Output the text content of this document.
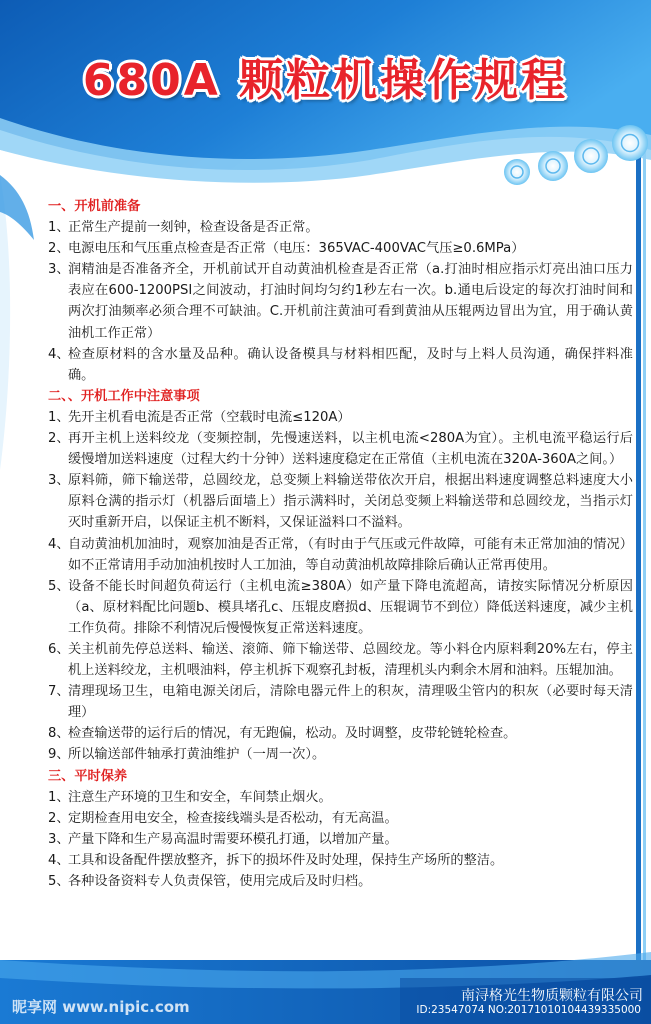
680A 颗粒机操作规程
一、开机前准备
1、
正常生产提前一刻钟，检查设备是否正常。
2、
电源电压和气压重点检查是否正常（电压：365VAC-400VAC气压≥0.6MPa）
3、
润精油是否准备齐全，开机前试开自动黄油机检查是否正常（a.打油时相应指示灯亮出油口压力表应在600-1200PSI之间波动，打油时间均匀约1秒左右一次。b.通电后设定的每次打油时间和两次打油频率必须合理不可缺油。C.开机前注黄油可看到黄油从压辊两边冒出为宜，用于确认黄油机工作正常）
4、
检查原材料的含水量及品种。确认设备模具与材料相匹配，及时与上料人员沟通，确保拌料准确。
二、、开机工作中注意事项
1、
先开主机看电流是否正常（空载时电流≤120A）
2、
再开主机上送料绞龙（变频控制，先慢速送料，以主机电流<280A为宜）。主机电流平稳运行后缓慢增加送料速度（过程大约十分钟）送料速度稳定在正常值（主机电流在320A-360A之间。）
3、
原料筛，筛下输送带，总圆绞龙，总变频上料输送带依次开启，根据出料速度调整总料速度大小原料仓满的指示灯（机器后面墙上）指示满料时，关闭总变频上料输送带和总圆绞龙，当指示灯灭时重新开启，以保证主机不断料，又保证溢料口不溢料。
4、
自动黄油机加油时，观察加油是否正常，（有时由于气压或元件故障，可能有未正常加油的情况）如不正常请用手动加油机按时人工加油，等自动黄油机故障排除后确认正常再使用。
5、
设备不能长时间超负荷运行（主机电流≥380A）如产量下降电流超高，请按实际情况分析原因（a、原材料配比问题b、模具堵孔c、压辊皮磨损d、压辊调节不到位）降低送料速度，减少主机工作负荷。排除不利情况后慢慢恢复正常送料速度。
6、
关主机前先停总送料、输送、滚筛、筛下输送带、总圆绞龙。等小料仓内原料剩20%左右，停主机上送料绞龙，主机喂油料，停主机拆下观察孔封板，清理机头内剩余木屑和油料。压辊加油。
7、
清理现场卫生，电箱电源关闭后，清除电器元件上的积灰，清理吸尘管内的积灰（必要时每天清理）
8、
检查输送带的运行后的情况，有无跑偏，松动。及时调整，皮带轮链轮检查。
9、
所以输送部件轴承打黄油维护（一周一次）。
三、平时保养
1、
注意生产环境的卫生和安全，车间禁止烟火。
2、
定期检查用电安全，检查接线端头是否松动，有无高温。
3、
产量下降和生产易高温时需要环模孔打通，以增加产量。
4、
工具和设备配件摆放整齐，拆下的损坏件及时处理，保持生产场所的整洁。
5、
各种设备资料专人负责保管，使用完成后及时归档。
南浔格光生物质颗粒有限公司
昵享网 www.nipic.com	ID:23547074 NO:20171010104439335000
